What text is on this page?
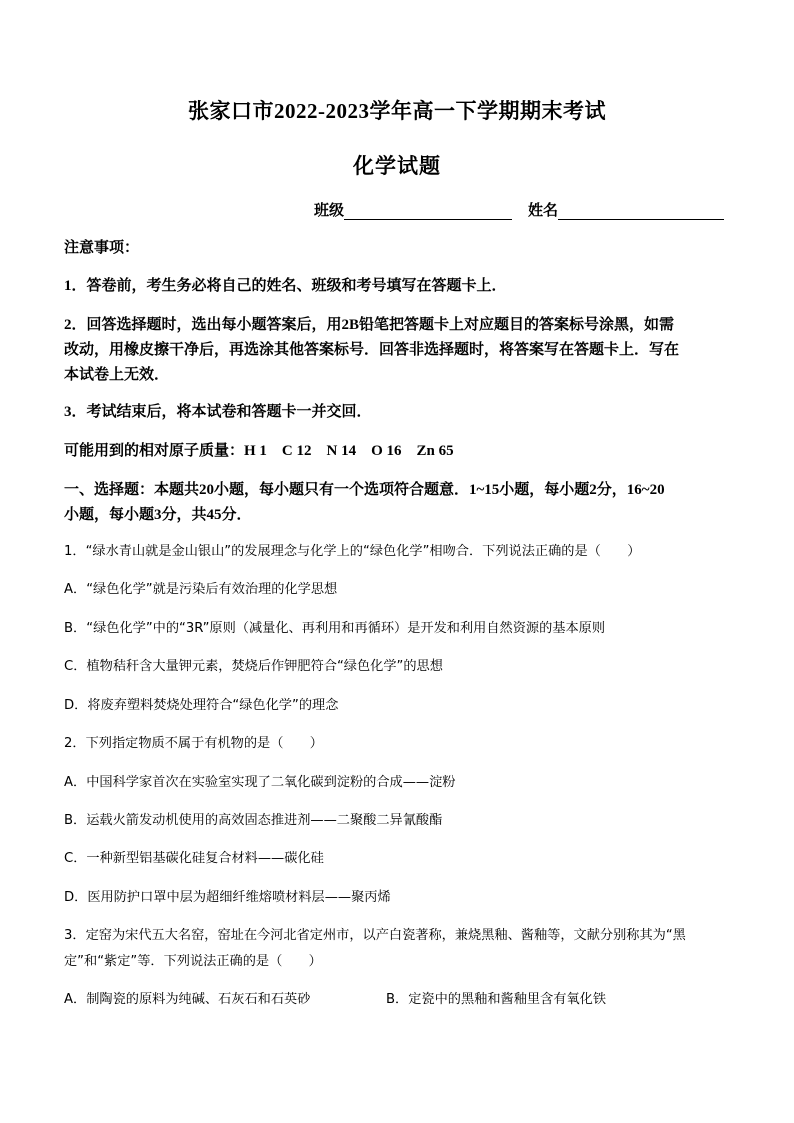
张家口市2022-2023学年高一下学期期末考试
化学试题
班级	姓名
注意事项：
1．答卷前，考生务必将自己的姓名、班级和考号填写在答题卡上．
2．回答选择题时，选出每小题答案后，用2B铅笔把答题卡上对应题目的答案标号涂黑，如需
改动，用橡皮擦干净后，再选涂其他答案标号．回答非选择题时，将答案写在答题卡上．写在
本试卷上无效．
3．考试结束后，将本试卷和答题卡一并交回．
可能用到的相对原子质量：H 1　C 12　N 14　O 16　Zn 65
一、选择题：本题共20小题，每小题只有一个选项符合题意．1~15小题，每小题2分，16~20
小题，每小题3分，共45分．
1．“绿水青山就是金山银山”的发展理念与化学上的“绿色化学”相吻合．下列说法正确的是（　　）
A．“绿色化学”就是污染后有效治理的化学思想
B．“绿色化学”中的“3R”原则（减量化、再利用和再循环）是开发和利用自然资源的基本原则
C．植物秸秆含大量钾元素，焚烧后作钾肥符合“绿色化学”的思想
D．将废弃塑料焚烧处理符合“绿色化学”的理念
2．下列指定物质不属于有机物的是（　　）
A．中国科学家首次在实验室实现了二氧化碳到淀粉的合成——淀粉
B．运载火箭发动机使用的高效固态推进剂——二聚酸二异氰酸酯
C．一种新型铝基碳化硅复合材料——碳化硅
D．医用防护口罩中层为超细纤维熔喷材料层——聚丙烯
3．定窑为宋代五大名窑，窑址在今河北省定州市，以产白瓷著称，兼烧黑釉、酱釉等，文献分别称其为“黑
定”和“紫定”等．下列说法正确的是（　　）
A．制陶瓷的原料为纯碱、石灰石和石英砂	B．定瓷中的黑釉和酱釉里含有氧化铁
